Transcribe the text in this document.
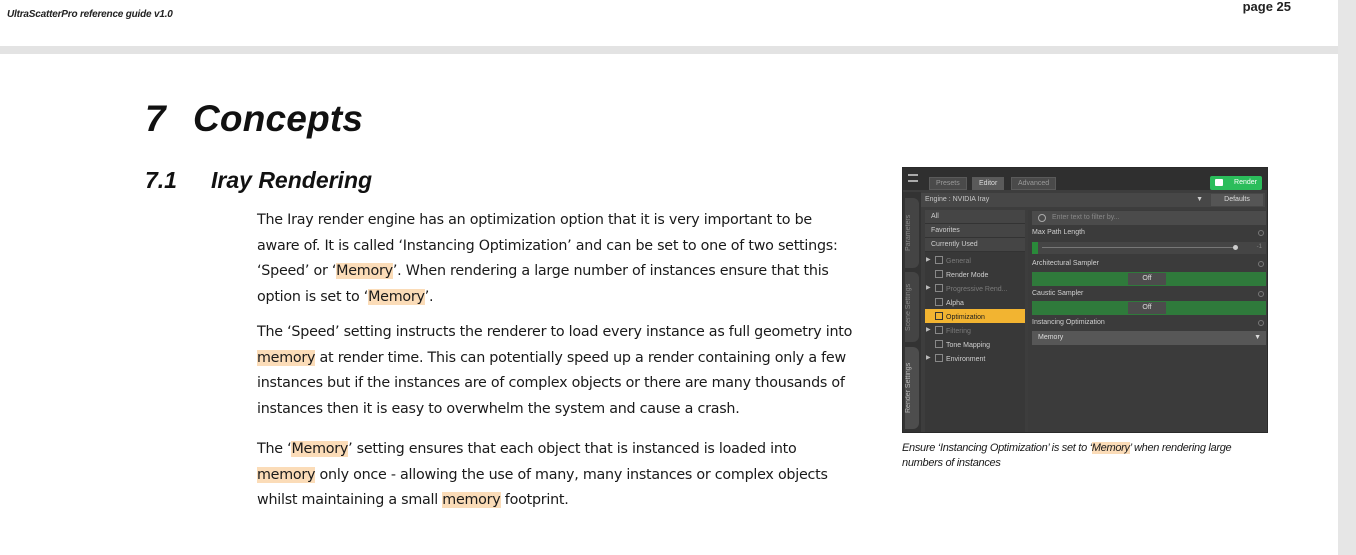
UltraScatterPro reference guide v1.0
page 25
7 Concepts
7.1 Iray Rendering

The Iray render engine has an optimization option that it is very important to be aware of. It is called ‘Instancing Optimization’ and can be set to one of two settings: ‘Speed’ or ‘Memory’. When rendering a large number of instances ensure that this option is set to ‘Memory’.

The ‘Speed’ setting instructs the renderer to load every instance as full geometry into memory at render time. This can potentially speed up a render containing only a few instances but if the instances are of complex objects or there are many thousands of instances then it is easy to overwhelm the system and cause a crash.

The ‘Memory’ setting ensures that each object that is instanced is loaded into memory only once - allowing the use of many, many instances or complex objects whilst maintaining a small memory footprint.

Presets	Editor	Advanced	Render
Engine : NVIDIA Iray	▼	Defaults
Parameters
Scene Settings
Render Settings
All
Favorites
Currently Used
▶ General
Render Mode
▶ Progressive Rend...
Alpha
Optimization
▶ Filtering
Tone Mapping
▶ Environment
Enter text to filter by...
Max Path Length
-1
Architectural Sampler
Off
Caustic Sampler
Off
Instancing Optimization
Memory	▼

Ensure ‘Instancing Optimization’ is set to ‘Memory’ when rendering large numbers of instances
